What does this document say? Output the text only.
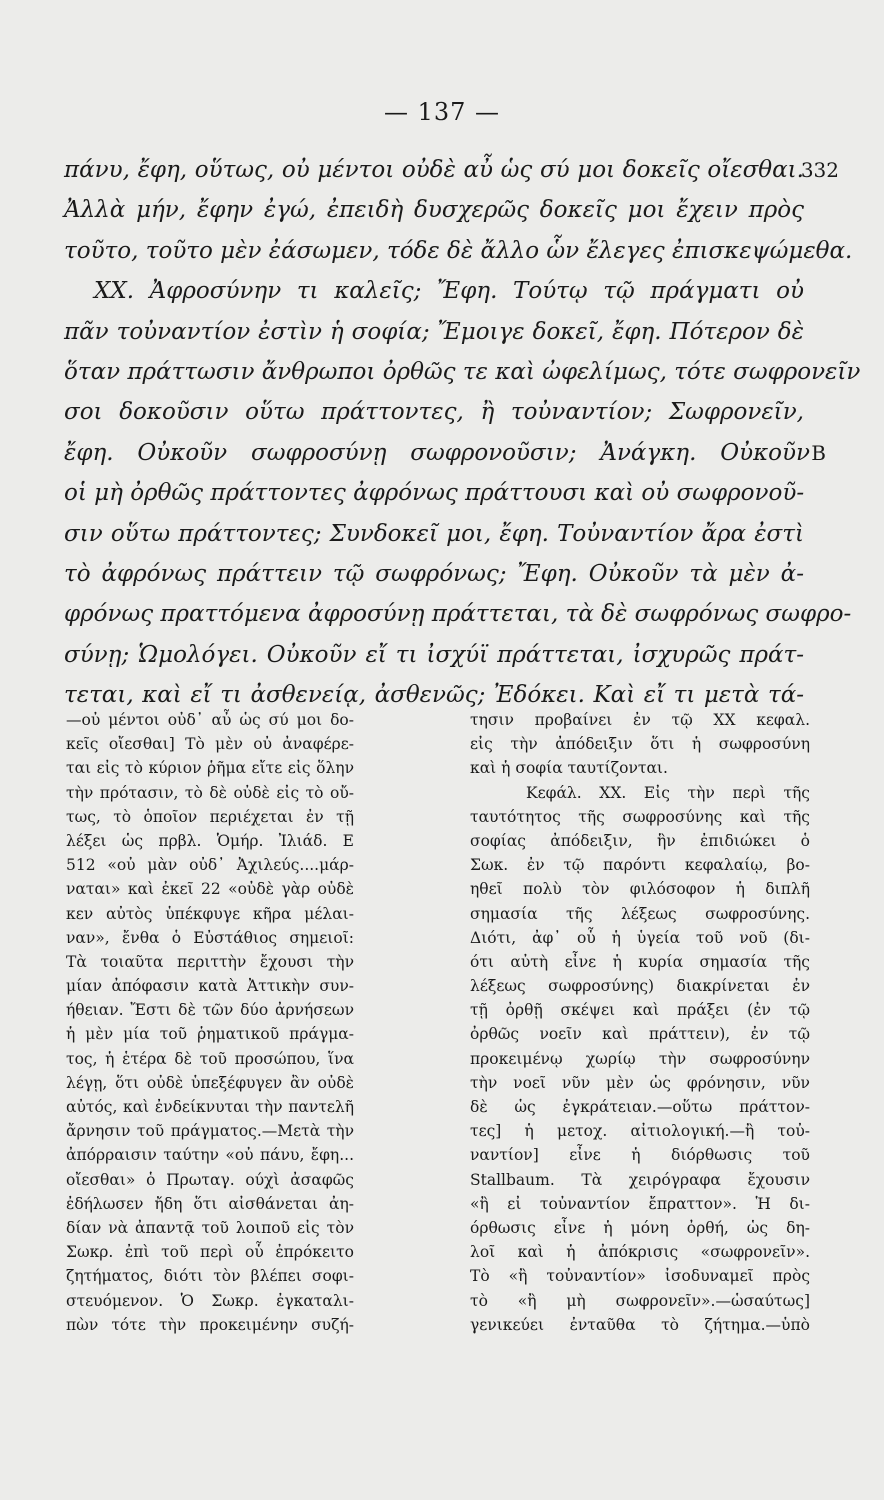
— 137 —
πάνυ, ἔφη, οὕτως, οὐ μέντοι οὐδὲ αὖ ὡς σύ μοι δοκεῖς οἴεσθαι.
332
Ἀλλὰ μήν, ἔφην ἐγώ, ἐπειδὴ δυσχερῶς δοκεῖς μοι ἔχειν πρὸς
τοῦτο, τοῦτο μὲν ἐάσωμεν, τόδε δὲ ἄλλο ὧν ἔλεγες ἐπισκεψώμεθα.
XX. Ἀφροσύνην τι καλεῖς; Ἔφη. Τούτῳ τῷ πράγματι οὐ
πᾶν τοὐναντίον ἐστὶν ἡ σοφία; Ἔμοιγε δοκεῖ, ἔφη. Πότερον δὲ
ὅταν πράττωσιν ἄνθρωποι ὀρθῶς τε καὶ ὠφελίμως, τότε σωφρονεῖν
σοι δοκοῦσιν οὕτω πράττοντες, ἢ τοὐναντίον; Σωφρονεῖν,
ἔφη. Οὐκοῦν σωφροσύνῃ σωφρονοῦσιν; Ἀνάγκη. Οὐκοῦν B
οἱ μὴ ὀρθῶς πράττοντες ἀφρόνως πράττουσι καὶ οὐ σωφρονοῦ-
σιν οὕτω πράττοντες; Συνδοκεῖ μοι, ἔφη. Τοὐναντίον ἄρα ἐστὶ
τὸ ἀφρόνως πράττειν τῷ σωφρόνως; Ἔφη. Οὐκοῦν τὰ μὲν ἀ-
φρόνως πραττόμενα ἀφροσύνῃ πράττεται, τὰ δὲ σωφρόνως σωφρο-
σύνῃ; Ὡμολόγει. Οὐκοῦν εἴ τι ἰσχύϊ πράττεται, ἰσχυρῶς πράτ-
τεται, καὶ εἴ τι ἀσθενείᾳ, ἀσθενῶς; Ἐδόκει. Καὶ εἴ τι μετὰ τά-
—οὐ μέντοι οὐδ᾽ αὖ ὡς σύ μοι δο-
κεῖς οἴεσθαι] Τὸ μὲν οὐ ἀναφέρε-
ται εἰς τὸ κύριον ῥῆμα εἴτε εἰς ὅλην
τὴν πρότασιν, τὸ δὲ οὐδὲ εἰς τὸ οὔ-
τως, τὸ ὁποῖον περιέχεται ἐν τῇ
λέξει ὡς πρβλ. Ὁμήρ. Ἰλιάδ. Ε
512 «οὐ μὰν οὐδ᾽ Ἀχιλεύς....μάρ-
ναται» καὶ ἐκεῖ 22 «οὐδὲ γὰρ οὐδὲ
κεν αὐτὸς ὑπέκφυγε κῆρα μέλαι-
ναν», ἔνθα ὁ Εὐστάθιος σημειοῖ:
Τὰ τοιαῦτα περιττὴν ἔχουσι τὴν
μίαν ἀπόφασιν κατὰ Ἀττικὴν συν-
ήθειαν. Ἔστι δὲ τῶν δύο ἀρνήσεων
ἡ μὲν μία τοῦ ῥηματικοῦ πράγμα-
τος, ἡ ἑτέρα δὲ τοῦ προσώπου, ἵνα
λέγῃ, ὅτι οὐδὲ ὑπεξέφυγεν ἂν οὐδὲ
αὐτός, καὶ ἐνδείκνυται τὴν παντελῆ
ἄρνησιν τοῦ πράγματος.—Μετὰ τὴν
ἀπόρραισιν ταύτην «οὐ πάνυ, ἔφη...
οἴεσθαι» ὁ Πρωταγ. ούχὶ ἀσαφῶς
ἐδήλωσεν ἤδη ὅτι αἰσθάνεται ἀη-
δίαν νὰ ἀπαντᾷ τοῦ λοιποῦ εἰς τὸν
Σωκρ. ἐπὶ τοῦ περὶ οὗ ἐπρόκειτο
ζητήματος, διότι τὸν βλέπει σοφι-
στευόμενον. Ὁ Σωκρ. ἐγκαταλι-
πὼν τότε τὴν προκειμένην συζή-
τησιν προβαίνει ἐν τῷ XX κεφαλ.
εἰς τὴν ἀπόδειξιν ὅτι ἡ σωφροσύνη
καὶ ἡ σοφία ταυτίζονται.
Κεφάλ. XX. Εἰς τὴν περὶ τῆς
ταυτότητος τῆς σωφροσύνης καὶ τῆς
σοφίας ἀπόδειξιν, ἣν ἐπιδιώκει ὁ
Σωκ. ἐν τῷ παρόντι κεφαλαίῳ, βο-
ηθεῖ πολὺ τὸν φιλόσοφον ἡ διπλῆ
σημασία τῆς λέξεως σωφροσύνης.
Διότι, ἀφ᾽ οὗ ἡ ὑγεία τοῦ νοῦ (δι-
ότι αὐτὴ εἶνε ἡ κυρία σημασία τῆς
λέξεως σωφροσύνης) διακρίνεται ἐν
τῇ ὀρθῇ σκέψει καὶ πράξει (ἐν τῷ
ὀρθῶς νοεῖν καὶ πράττειν), ἐν τῷ
προκειμένῳ χωρίῳ τὴν σωφροσύνην
τὴν νοεῖ νῦν μὲν ὡς φρόνησιν, νῦν
δὲ ὡς ἐγκράτειαν.—οὕτω πράττον-
τες] ἡ μετοχ. αἰτιολογική.—ἢ τοὐ-
ναντίον] εἶνε ἡ διόρθωσις τοῦ
Stallbaum. Τὰ χειρόγραφα ἔχουσιν
«ἢ εἰ τοὐναντίον ἔπραττον». Ἡ δι-
όρθωσις εἶνε ἡ μόνη ὀρθή, ὡς δη-
λοῖ καὶ ἡ ἀπόκρισις «σωφρονεῖν».
Τὸ «ἢ τοὐναντίον» ἰσοδυναμεῖ πρὸς
τὸ «ἢ μὴ σωφρονεῖν».—ὡσαύτως]
γενικεύει ἐνταῦθα τὸ ζήτημα.—ὑπὸ
